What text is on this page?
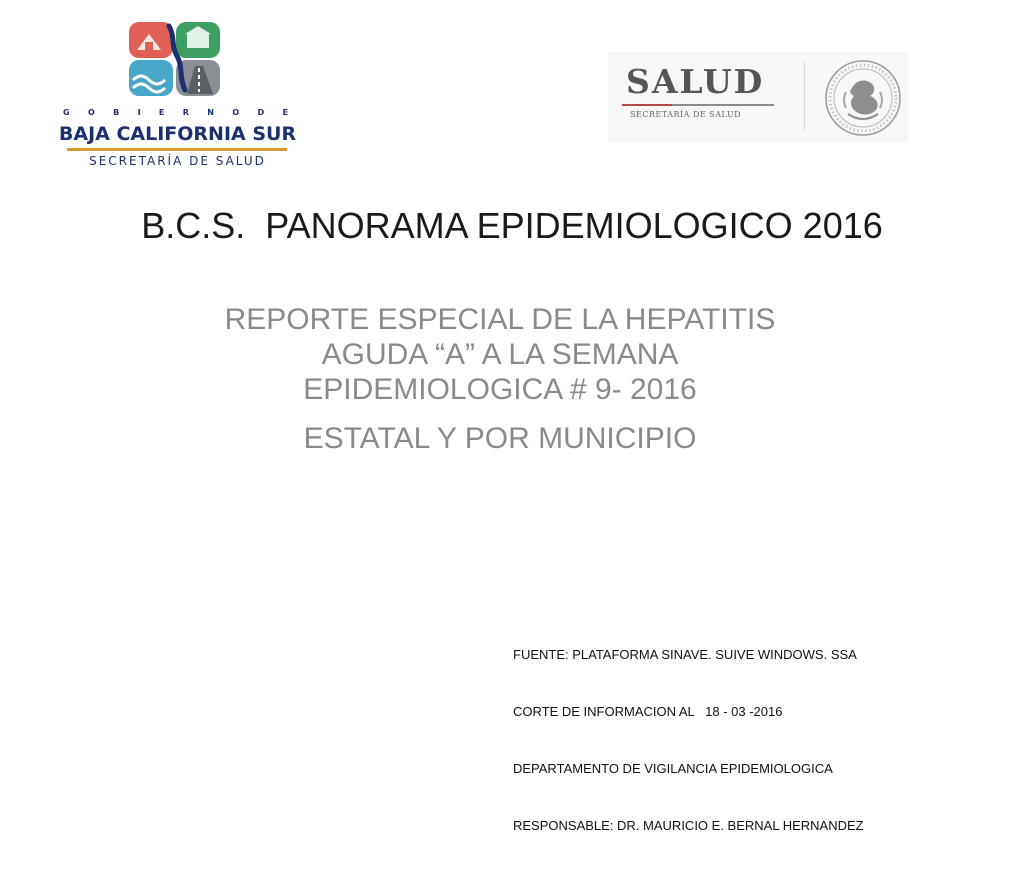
G O B I E R N O D E
BAJA CALIFORNIA SUR
SECRETARÍA DE SALUD
SALUD
SECRETARÍA DE SALUD
B.C.S.  PANORAMA EPIDEMIOLOGICO 2016
REPORTE ESPECIAL DE LA HEPATITIS
AGUDA “A” A LA SEMANA
EPIDEMIOLOGICA # 9- 2016
ESTATAL Y POR MUNICIPIO

FUENTE: PLATAFORMA SINAVE. SUIVE WINDOWS. SSA

CORTE DE INFORMACION AL   18 - 03 -2016

DEPARTAMENTO DE VIGILANCIA EPIDEMIOLOGICA

RESPONSABLE: DR. MAURICIO E. BERNAL HERNANDEZ
